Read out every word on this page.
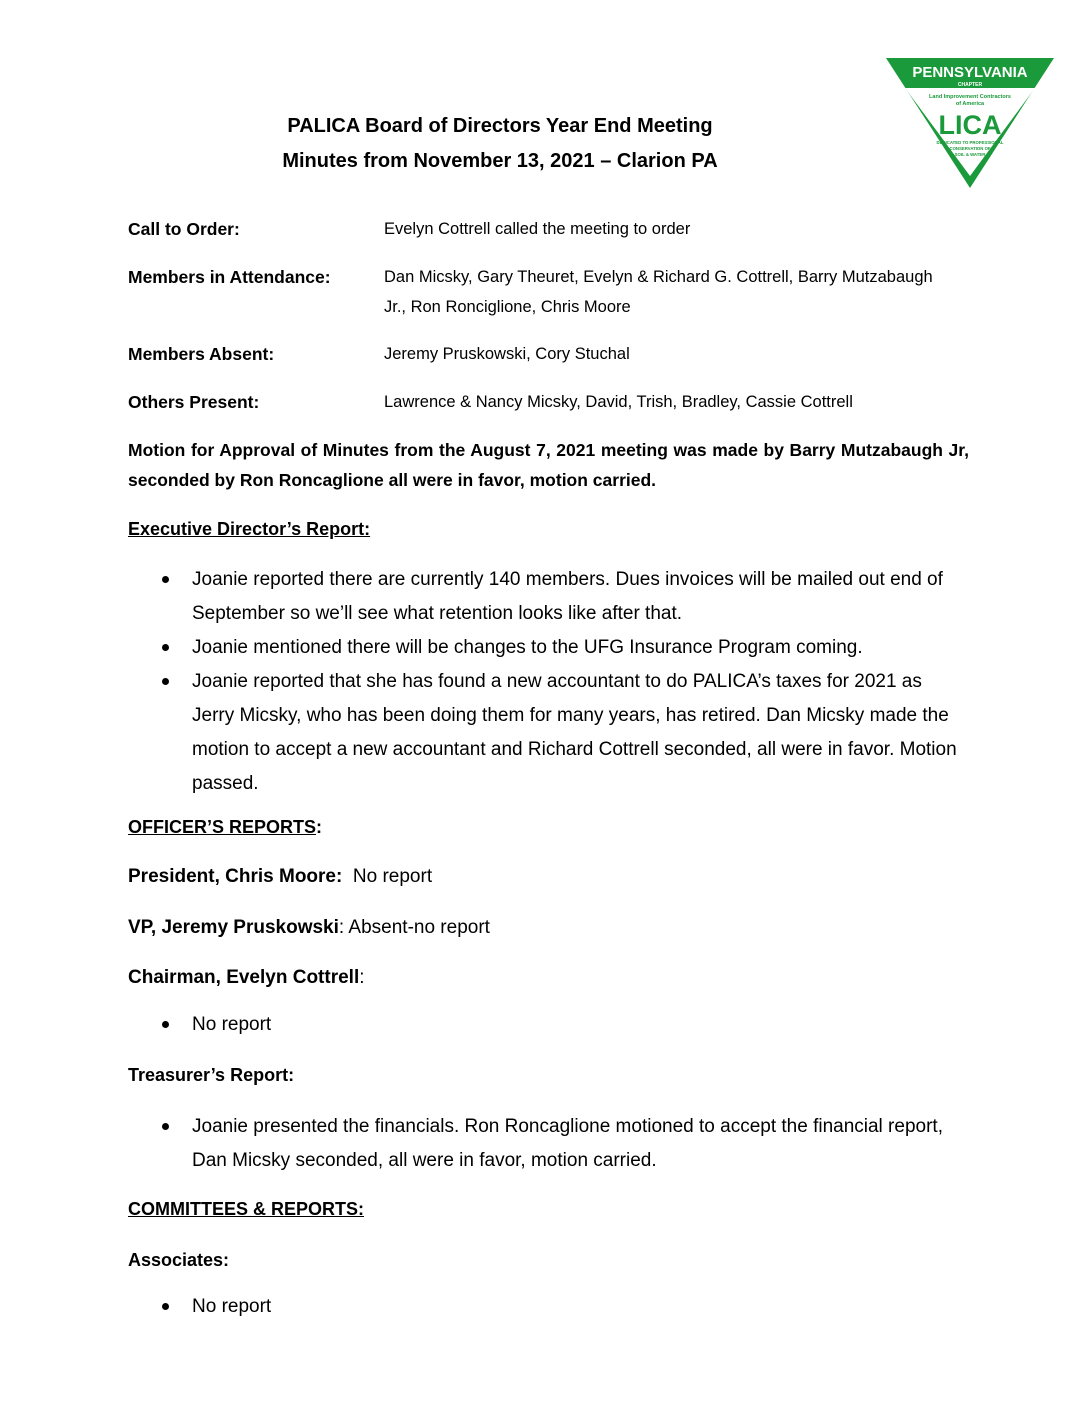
PENNSYLVANIA
CHAPTER
Land Improvement Contractors
of America
LICA
DEDICATED TO PROFESSIONAL
CONSERVATION OF
SOIL & WATER
PALICA Board of Directors Year End Meeting
Minutes from November 13, 2021 – Clarion PA
Call to Order:	Evelyn Cottrell called the meeting to order
Members in Attendance:	Dan Micsky, Gary Theuret, Evelyn & Richard G. Cottrell, Barry Mutzabaugh Jr., Ron Ronciglione, Chris Moore
Members Absent:	Jeremy Pruskowski, Cory Stuchal
Others Present:	Lawrence & Nancy Micsky, David, Trish, Bradley, Cassie Cottrell
Motion for Approval of Minutes from the August 7, 2021 meeting was made by Barry Mutzabaugh Jr, seconded by Ron Roncaglione all were in favor, motion carried.
Executive Director’s Report:
Joanie reported there are currently 140 members. Dues invoices will be mailed out end of September so we’ll see what retention looks like after that.
Joanie mentioned there will be changes to the UFG Insurance Program coming.
Joanie reported that she has found a new accountant to do PALICA’s taxes for 2021 as Jerry Micsky, who has been doing them for many years, has retired. Dan Micsky made the motion to accept a new accountant and Richard Cottrell seconded, all were in favor. Motion passed.
OFFICER’S REPORTS:
President, Chris Moore: No report
VP, Jeremy Pruskowski: Absent-no report
Chairman, Evelyn Cottrell:
No report
Treasurer’s Report:
Joanie presented the financials. Ron Roncaglione motioned to accept the financial report, Dan Micsky seconded, all were in favor, motion carried.
COMMITTEES & REPORTS:
Associates:
No report
